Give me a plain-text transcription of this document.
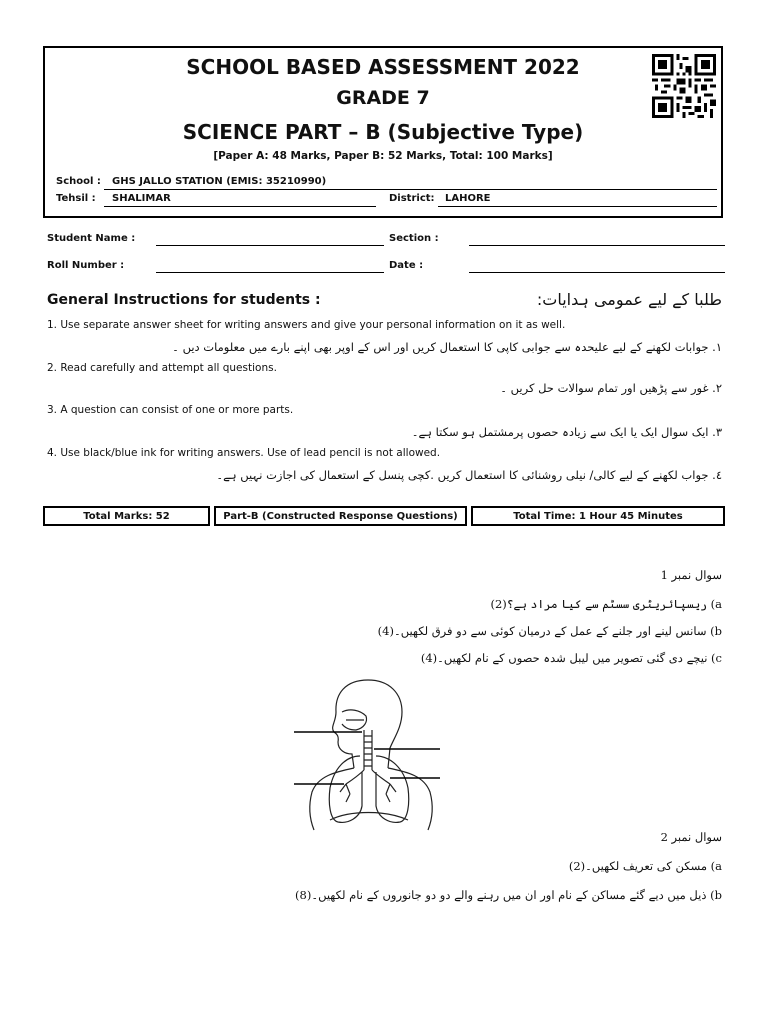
SCHOOL BASED ASSESSMENT 2022
GRADE 7
SCIENCE PART – B (Subjective Type)
[Paper A: 48 Marks, Paper B: 52 Marks, Total: 100 Marks]
School : GHS JALLO STATION (EMIS: 35210990)
Tehsil : SHALIMAR	District: LAHORE
Student Name :	Section :
Roll Number :	Date :
General Instructions for students :	طلبا کے لیے عمومی ہدایات:
1. Use separate answer sheet for writing answers and give your personal information on it as well.
۱. جوابات لکھنے کے لیے علیحدہ سے جوابی کاپی کا استعمال کریں اور اس کے اوپر بھی اپنے بارے میں معلومات دیں ۔
2. Read carefully and attempt all questions.
۲. غور سے پڑھیں اور تمام سوالات حل کریں ۔
3. A question can consist of one or more parts.
۳. ایک سوال ایک یا ایک سے زیادہ حصوں پرمشتمل ہو سکتا ہے۔
4. Use black/blue ink for writing answers. Use of lead pencil is not allowed.
٤. جواب لکھنے کے لیے کالی/ نیلی روشنائی کا استعمال کریں .کچی پنسل کے استعمال کی اجازت نہیں ہے۔
Total Marks: 52	Part-B (Constructed Response Questions)	Total Time: 1 Hour 45 Minutes
سوال نمبر 1
a) ریسپائریٹری سسٹم سے کیا مراد ہے؟(2)
b) سانس لینے اور جلنے کے عمل کے درمیان کوئی سے دو فرق لکھیں۔(4)
c) نیچے دی گئی تصویر میں لیبل شدہ حصوں کے نام لکھیں۔(4)
سوال نمبر 2
a) مسکن کی تعریف لکھیں۔(2)
b) ذیل میں دیے گئے مساکن کے نام اور ان میں رہنے والے دو دو جانوروں کے نام لکھیں۔(8)
